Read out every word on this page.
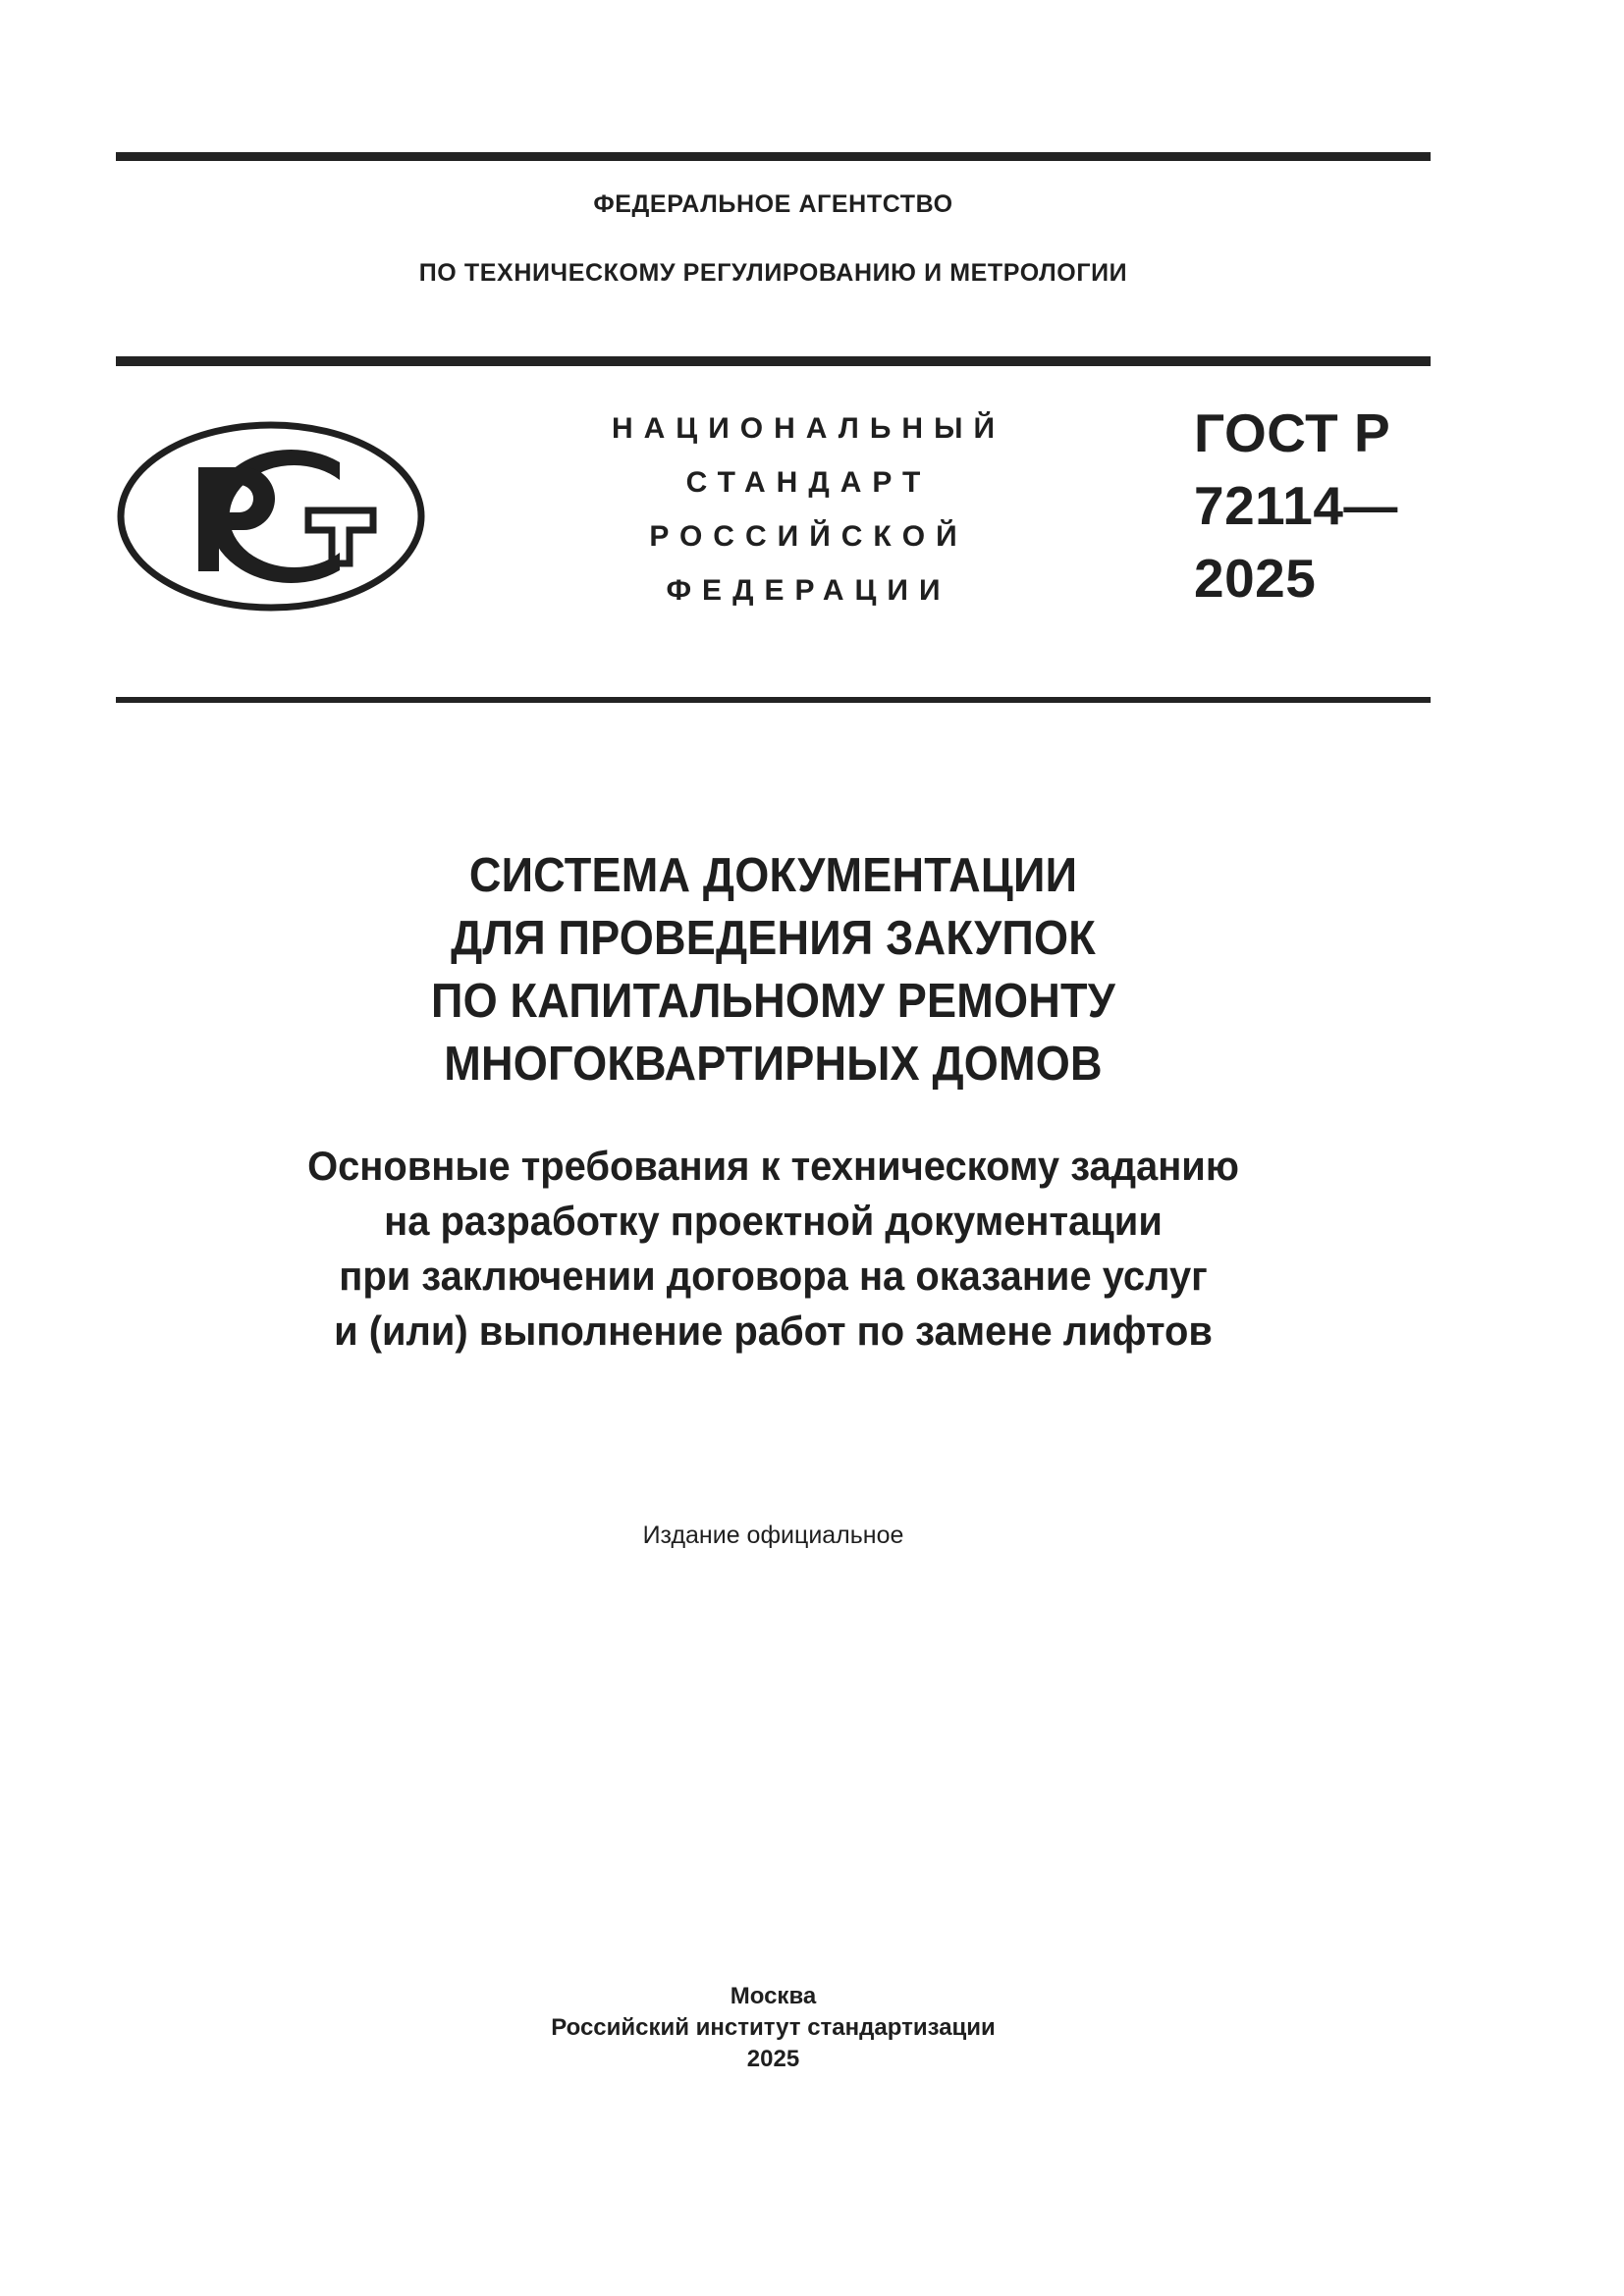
ФЕДЕРАЛЬНОЕ АГЕНТСТВО
ПО ТЕХНИЧЕСКОМУ РЕГУЛИРОВАНИЮ И МЕТРОЛОГИИ
НАЦИОНАЛЬНЫЙ
СТАНДАРТ
РОССИЙСКОЙ
ФЕДЕРАЦИИ
ГОСТ Р
72114—
2025
СИСТЕМА ДОКУМЕНТАЦИИ
ДЛЯ ПРОВЕДЕНИЯ ЗАКУПОК
ПО КАПИТАЛЬНОМУ РЕМОНТУ
МНОГОКВАРТИРНЫХ ДОМОВ
Основные требования к техническому заданию
на разработку проектной документации
при заключении договора на оказание услуг
и (или) выполнение работ по замене лифтов
Издание официальное
Москва
Российский институт стандартизации
2025
